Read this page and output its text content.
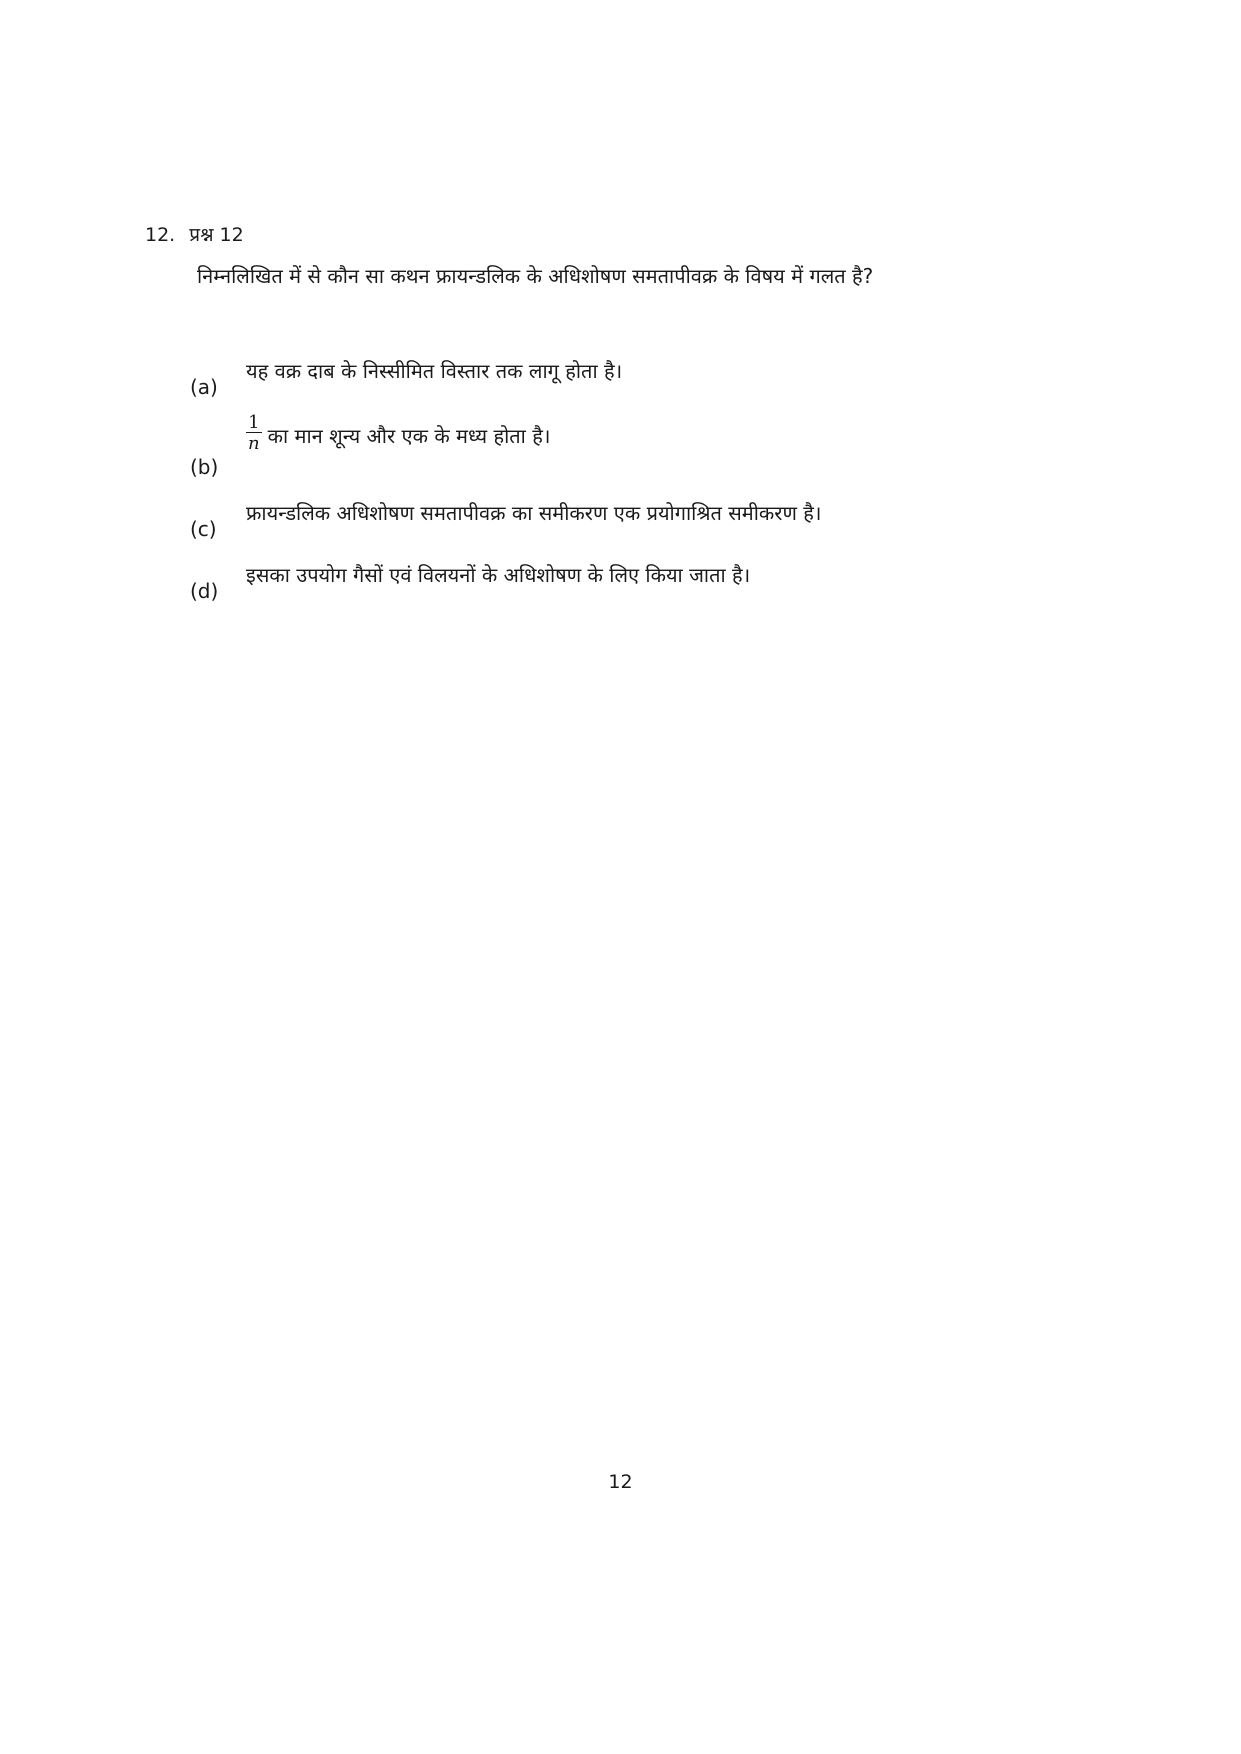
12. प्रश्न 12
निम्नलिखित में से कौन सा कथन फ्रायन्डलिक के अधिशोषण समतापीवक्र के विषय में गलत है?
(a)
यह वक्र दाब के निस्सीमित विस्तार तक लागू होता है।
(b)
$\frac{1}{n}$ का मान शून्य और एक के मध्य होता है।
(c)
फ्रायन्डलिक अधिशोषण समतापीवक्र का समीकरण एक प्रयोगाश्रित समीकरण है।
(d)
इसका उपयोग गैसों एवं विलयनों के अधिशोषण के लिए किया जाता है।
12
